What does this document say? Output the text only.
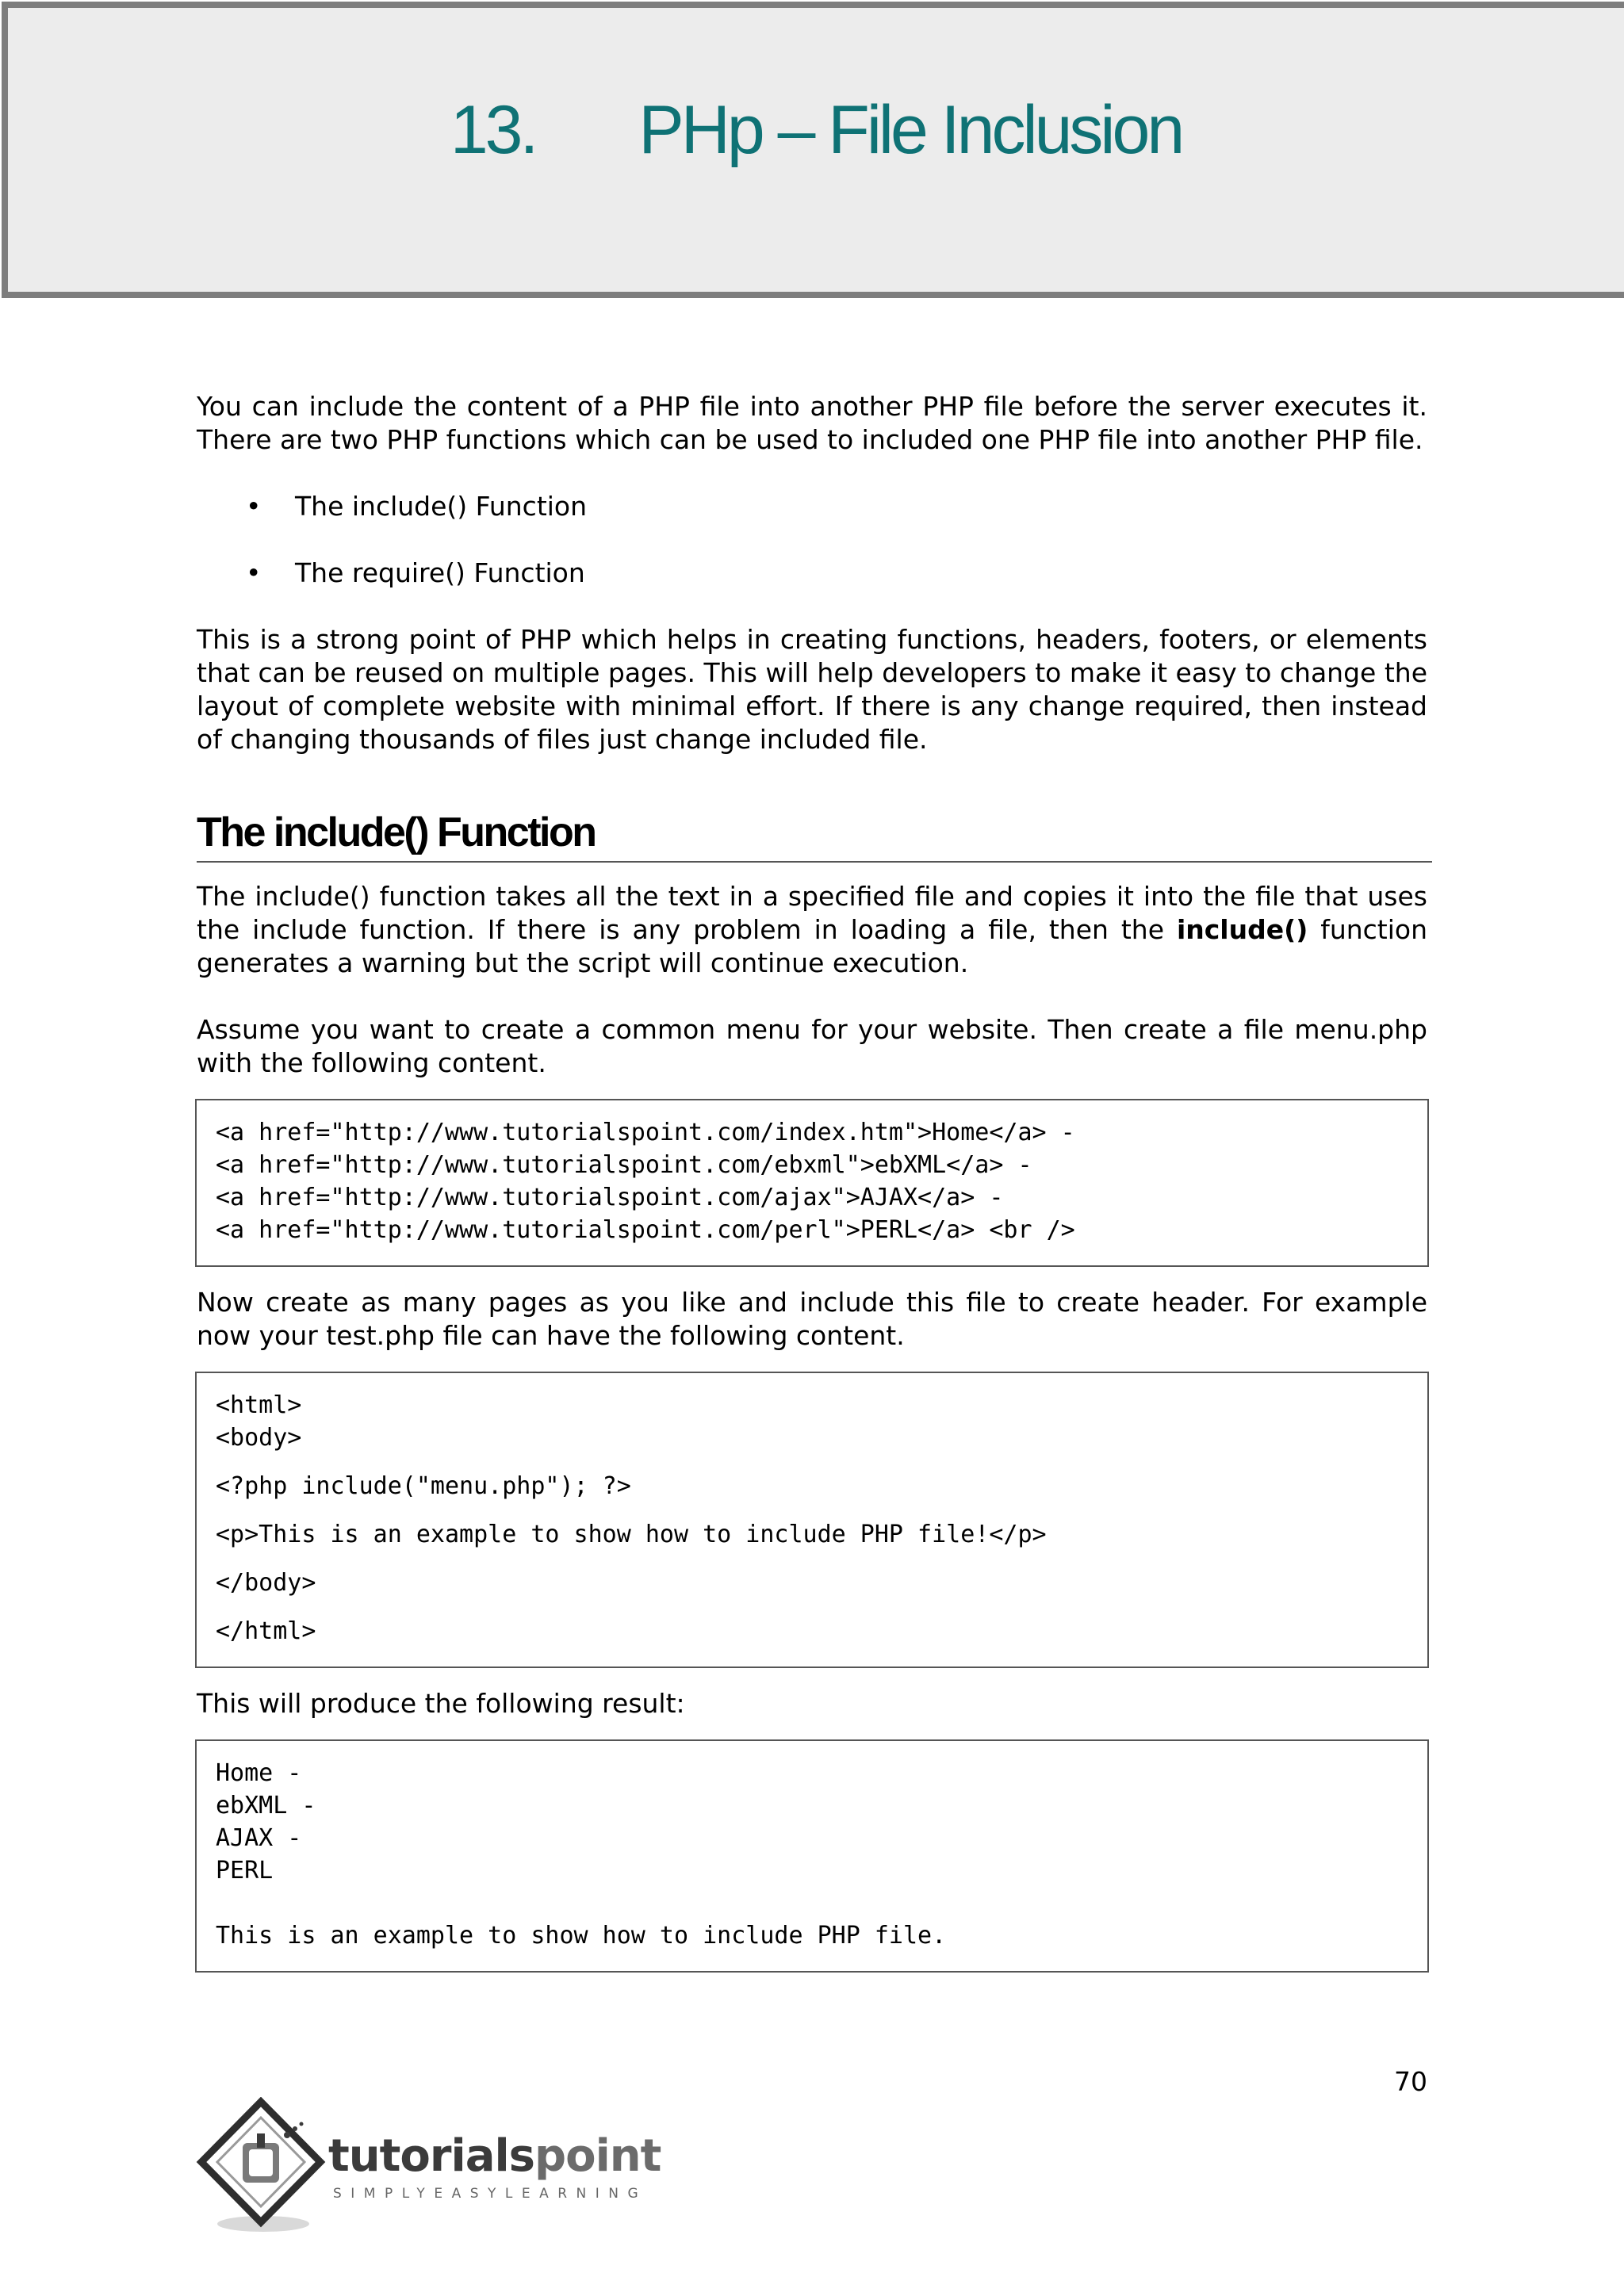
13. PHp – File Inclusion

You can include the content of a PHP file into another PHP file before the server executes it. There are two PHP functions which can be used to included one PHP file into another PHP file.

• The include() Function
• The require() Function

This is a strong point of PHP which helps in creating functions, headers, footers, or elements that can be reused on multiple pages. This will help developers to make it easy to change the layout of complete website with minimal effort. If there is any change required, then instead of changing thousands of files just change included file.

The include() Function

The include() function takes all the text in a specified file and copies it into the file that uses the include function. If there is any problem in loading a file, then the include() function generates a warning but the script will continue execution.

Assume you want to create a common menu for your website. Then create a file menu.php with the following content.

<a href="http://www.tutorialspoint.com/index.htm">Home</a> -
<a href="http://www.tutorialspoint.com/ebxml">ebXML</a> -
<a href="http://www.tutorialspoint.com/ajax">AJAX</a> -
<a href="http://www.tutorialspoint.com/perl">PERL</a> <br />

Now create as many pages as you like and include this file to create header. For example now your test.php file can have the following content.

<html>
<body>
<?php include("menu.php"); ?>
<p>This is an example to show how to include PHP file!</p>
</body>
</html>

This will produce the following result:

Home -
ebXML -
AJAX -
PERL
This is an example to show how to include PHP file.
70
tutorialspoint
SIMPLYEASYLEARNING
